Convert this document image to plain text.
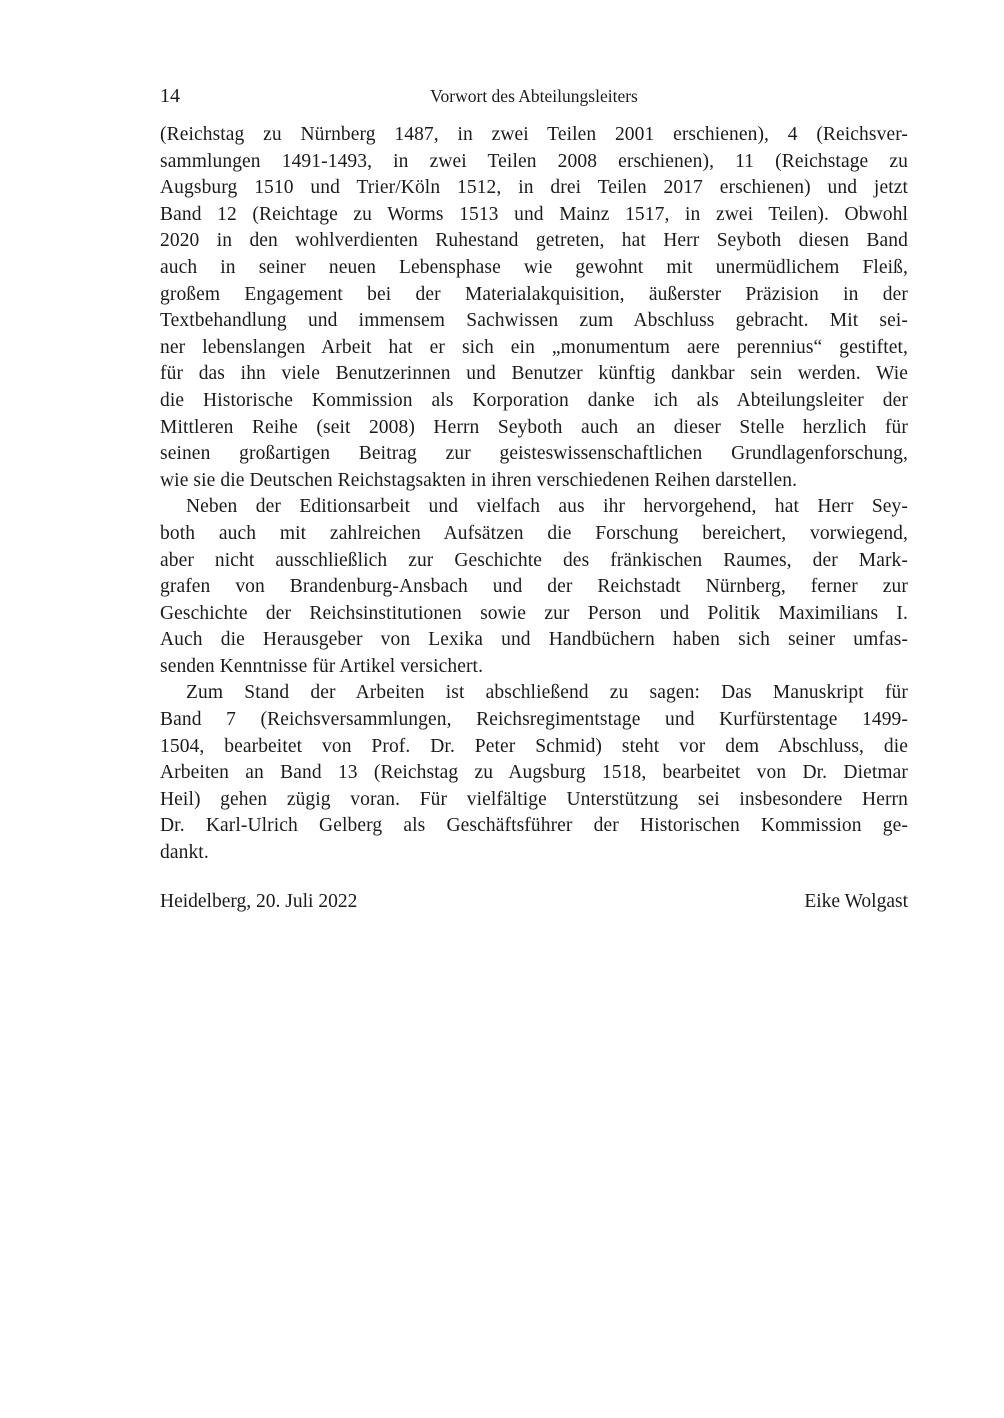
14	Vorwort des Abteilungsleiters
(Reichstag zu Nürnberg 1487, in zwei Teilen 2001 erschienen), 4 (Reichsver-
sammlungen 1491-1493, in zwei Teilen 2008 erschienen), 11 (Reichstage zu
Augsburg 1510 und Trier/Köln 1512, in drei Teilen 2017 erschienen) und jetzt
Band 12 (Reichtage zu Worms 1513 und Mainz 1517, in zwei Teilen). Obwohl
2020 in den wohlverdienten Ruhestand getreten, hat Herr Seyboth diesen Band
auch in seiner neuen Lebensphase wie gewohnt mit unermüdlichem Fleiß,
großem Engagement bei der Materialakquisition, äußerster Präzision in der
Textbehandlung und immensem Sachwissen zum Abschluss gebracht. Mit sei-
ner lebenslangen Arbeit hat er sich ein „monumentum aere perennius“ gestiftet,
für das ihn viele Benutzerinnen und Benutzer künftig dankbar sein werden. Wie
die Historische Kommission als Korporation danke ich als Abteilungsleiter der
Mittleren Reihe (seit 2008) Herrn Seyboth auch an dieser Stelle herzlich für
seinen großartigen Beitrag zur geisteswissenschaftlichen Grundlagenforschung,
wie sie die Deutschen Reichstagsakten in ihren verschiedenen Reihen darstellen.
Neben der Editionsarbeit und vielfach aus ihr hervorgehend, hat Herr Sey-
both auch mit zahlreichen Aufsätzen die Forschung bereichert, vorwiegend,
aber nicht ausschließlich zur Geschichte des fränkischen Raumes, der Mark-
grafen von Brandenburg-Ansbach und der Reichstadt Nürnberg, ferner zur
Geschichte der Reichsinstitutionen sowie zur Person und Politik Maximilians I.
Auch die Herausgeber von Lexika und Handbüchern haben sich seiner umfas-
senden Kenntnisse für Artikel versichert.
Zum Stand der Arbeiten ist abschließend zu sagen: Das Manuskript für
Band 7 (Reichsversammlungen, Reichsregimentstage und Kurfürstentage 1499-
1504, bearbeitet von Prof. Dr. Peter Schmid) steht vor dem Abschluss, die
Arbeiten an Band 13 (Reichstag zu Augsburg 1518, bearbeitet von Dr. Dietmar
Heil) gehen zügig voran. Für vielfältige Unterstützung sei insbesondere Herrn
Dr. Karl-Ulrich Gelberg als Geschäftsführer der Historischen Kommission ge-
dankt.
Heidelberg, 20. Juli 2022	Eike Wolgast
